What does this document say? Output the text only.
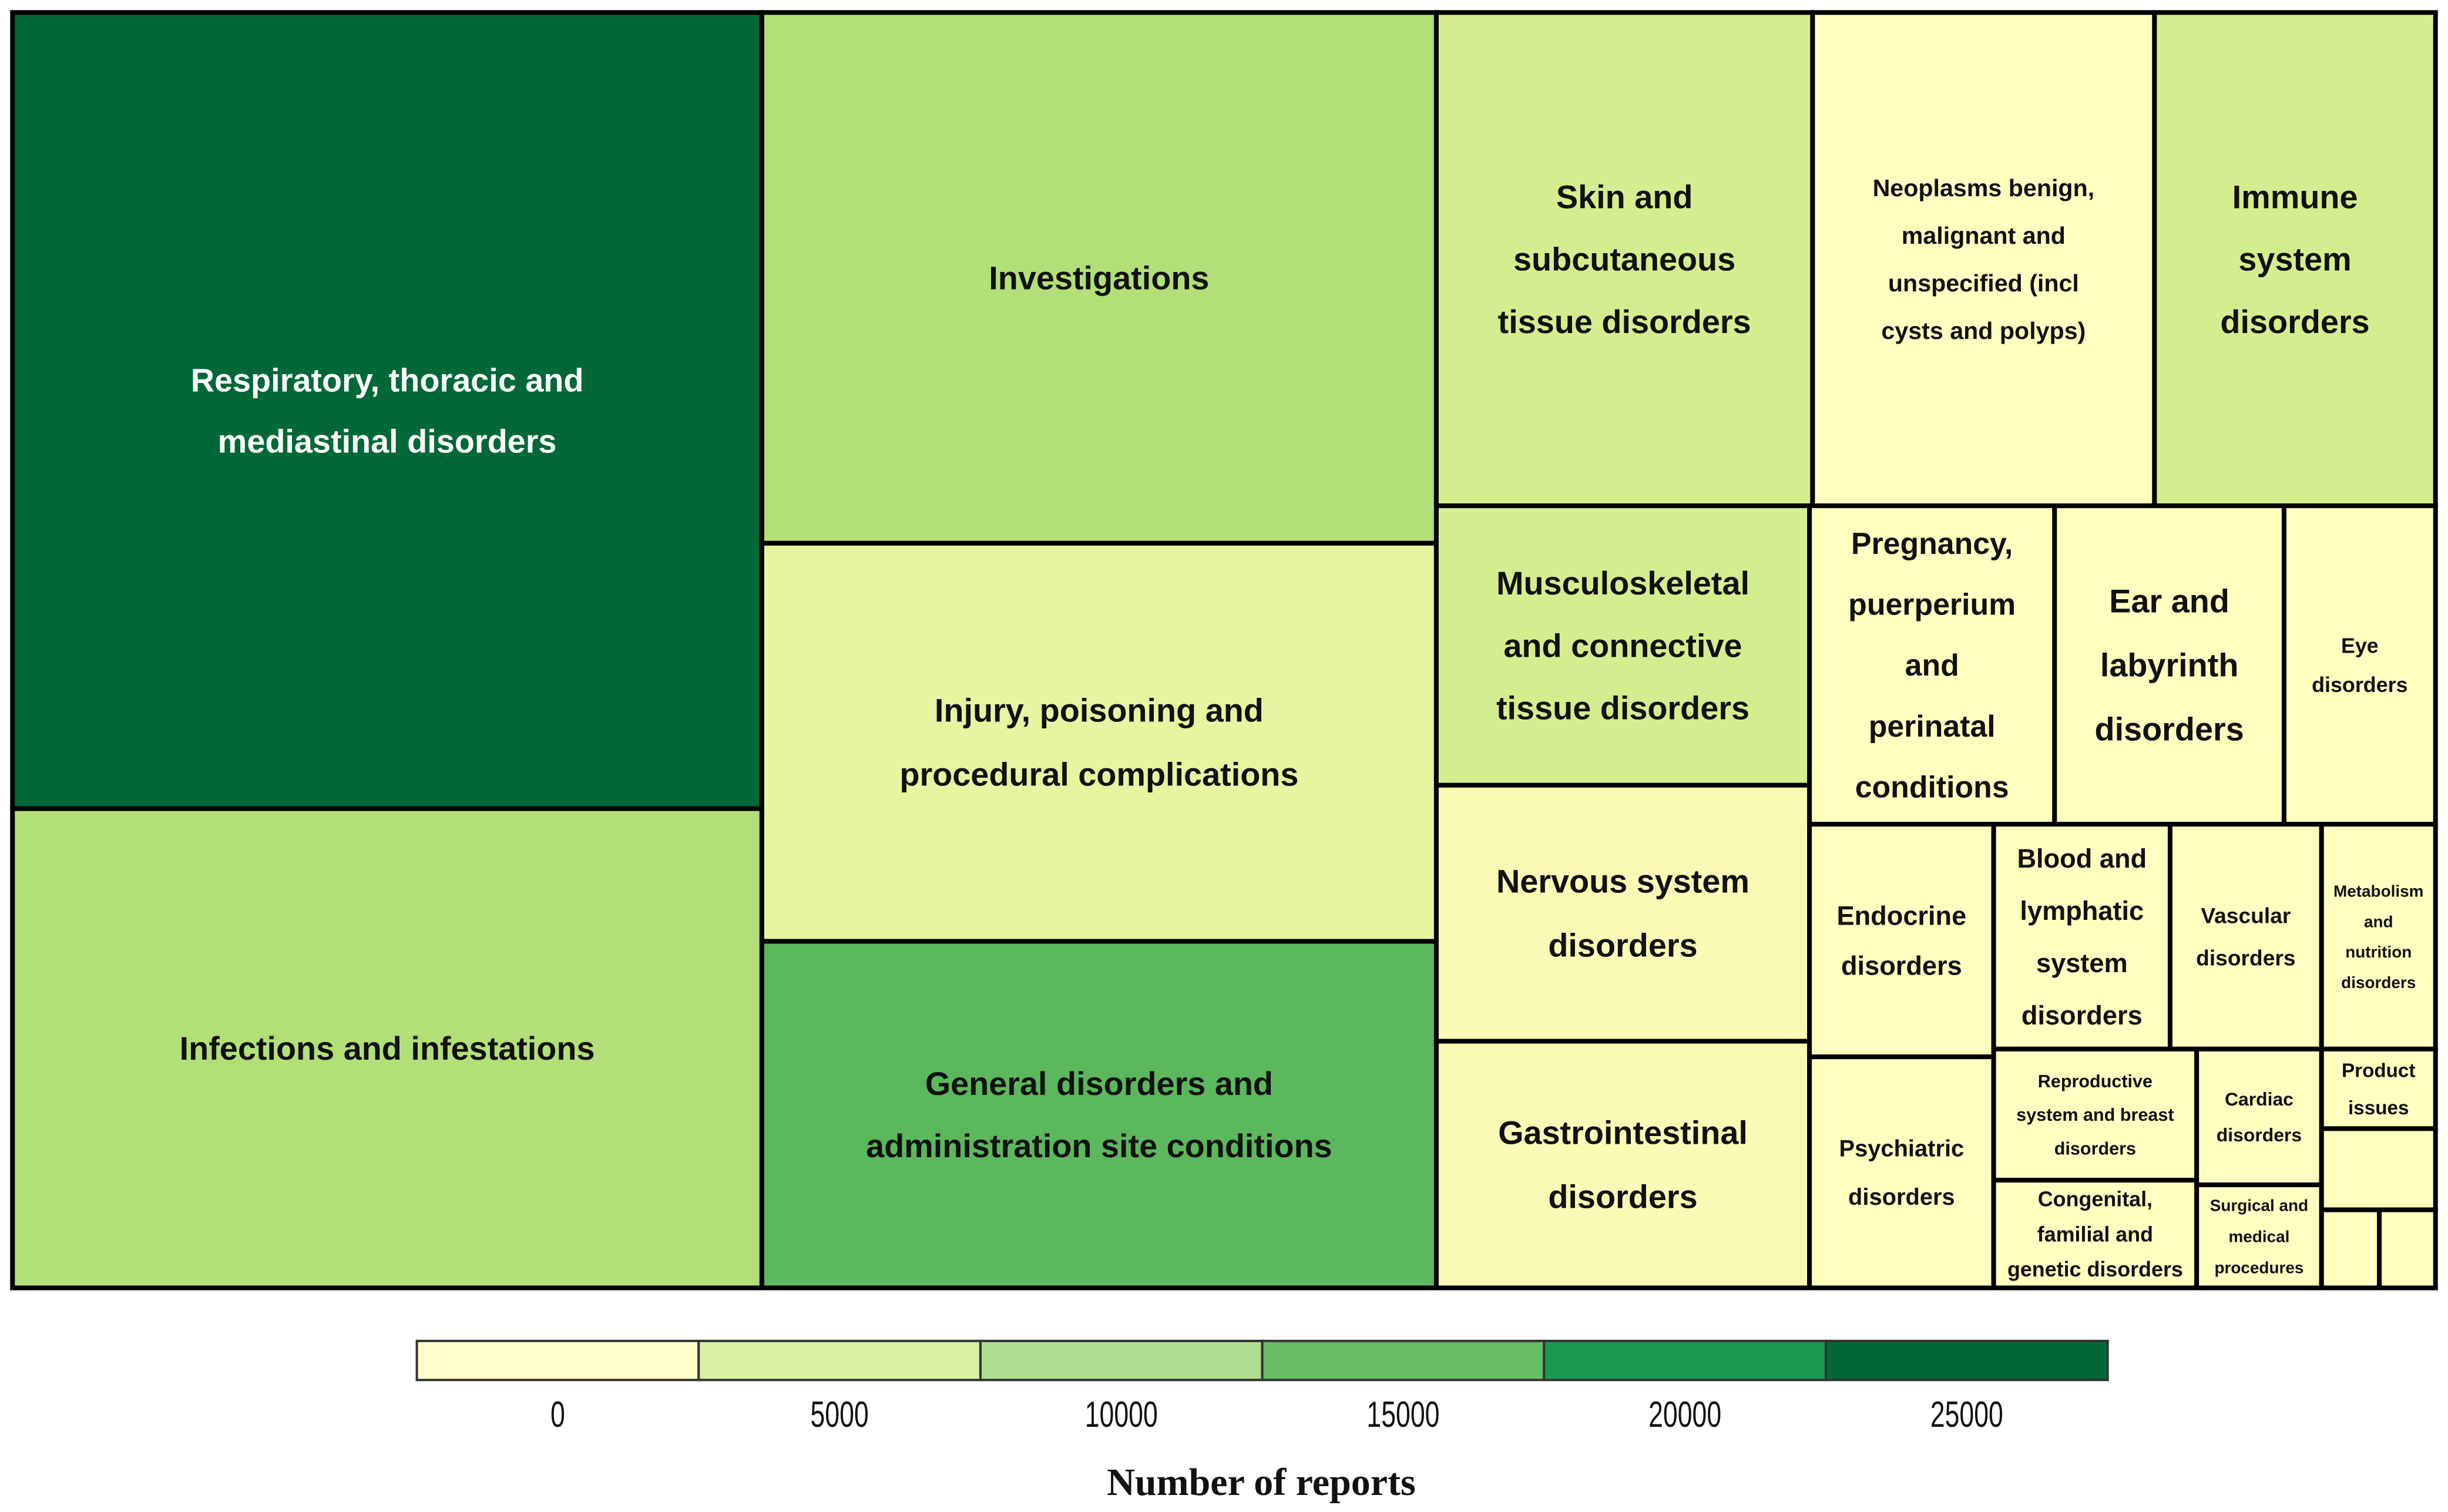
Respiratory, thoracic and mediastinal disorders
Infections and infestations
Investigations
Injury, poisoning and procedural complications
General disorders and administration site conditions
Skin and subcutaneous tissue disorders
Neoplasms benign, malignant and unspecified (incl cysts and polyps)
Immune system disorders
Musculoskeletal and connective tissue disorders
Pregnancy, puerperium and perinatal conditions
Ear and labyrinth disorders
Eye disorders
Nervous system disorders
Endocrine disorders
Blood and lymphatic system disorders
Vascular disorders
Metabolism and nutrition disorders
Gastrointestinal disorders
Psychiatric disorders
Reproductive system and breast disorders
Cardiac disorders
Product issues
Congenital, familial and genetic disorders
Surgical and medical procedures
0	5000	10000	15000	20000	25000
Number of reports
